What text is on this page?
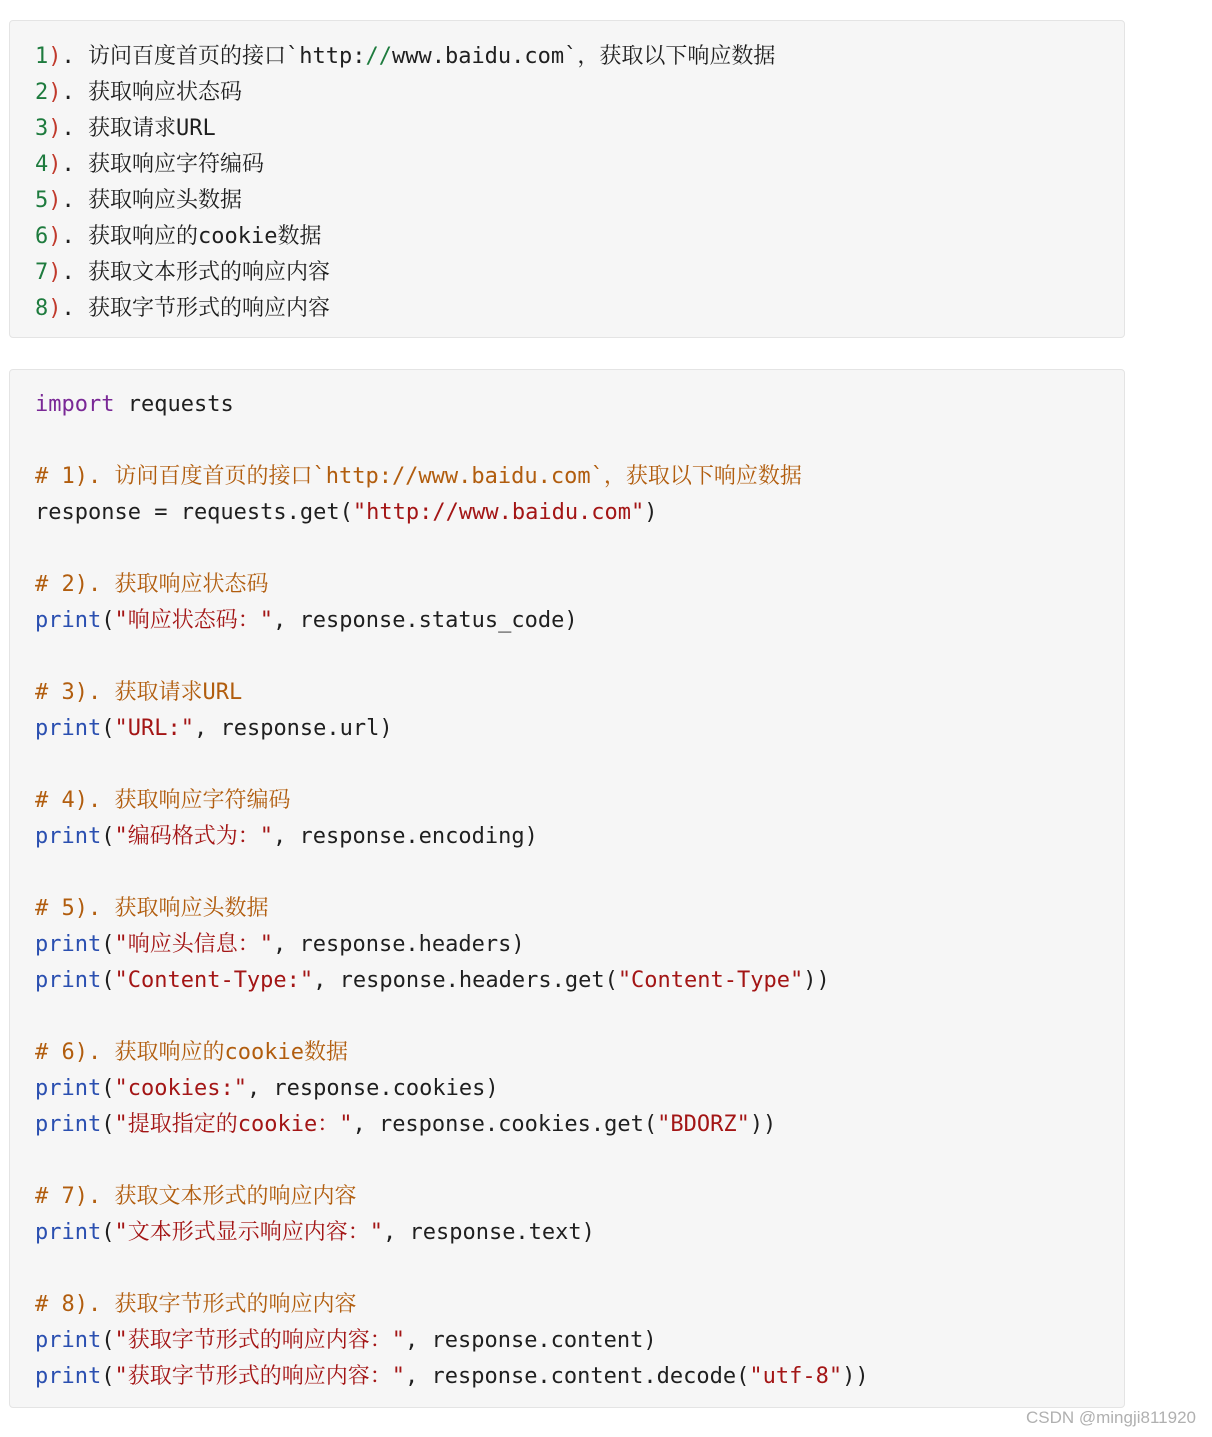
1). 访问百度首页的接口`http://www.baidu.com`，获取以下响应数据
2). 获取响应状态码
3). 获取请求URL
4). 获取响应字符编码
5). 获取响应头数据
6). 获取响应的cookie数据
7). 获取文本形式的响应内容
8). 获取字节形式的响应内容
import requests
# 1). 访问百度首页的接口`http://www.baidu.com`，获取以下响应数据
response = requests.get("http://www.baidu.com")
# 2). 获取响应状态码
print("响应状态码：", response.status_code)
# 3). 获取请求URL
print("URL:", response.url)
# 4). 获取响应字符编码
print("编码格式为：", response.encoding)
# 5). 获取响应头数据
print("响应头信息：", response.headers)
print("Content-Type:", response.headers.get("Content-Type"))
# 6). 获取响应的cookie数据
print("cookies:", response.cookies)
print("提取指定的cookie：", response.cookies.get("BDORZ"))
# 7). 获取文本形式的响应内容
print("文本形式显示响应内容：", response.text)
# 8). 获取字节形式的响应内容
print("获取字节形式的响应内容：", response.content)
print("获取字节形式的响应内容：", response.content.decode("utf-8"))
CSDN @mingji811920
